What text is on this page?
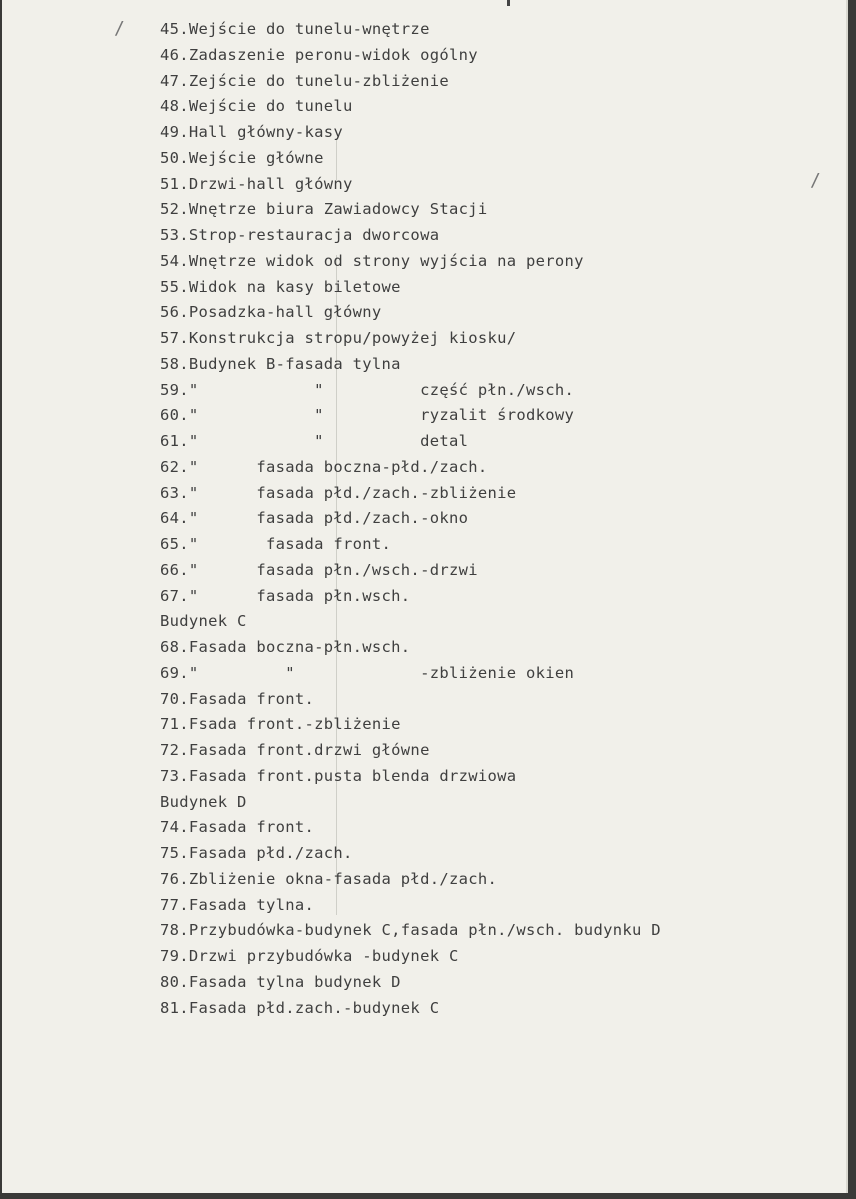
/
/
45.Wejście do tunelu-wnętrze
46.Zadaszenie peronu-widok ogólny
47.Zejście do tunelu-zbliżenie
48.Wejście do tunelu
49.Hall główny-kasy
50.Wejście główne
51.Drzwi-hall główny
52.Wnętrze biura Zawiadowcy Stacji
53.Strop-restauracja dworcowa
54.Wnętrze widok od strony wyjścia na perony
55.Widok na kasy biletowe
56.Posadzka-hall główny
57.Konstrukcja stropu/powyżej kiosku/
58.Budynek B-fasada tylna
59."            "          część płn./wsch.
60."            "          ryzalit środkowy
61."            "          detal
62."      fasada boczna-płd./zach.
63."      fasada płd./zach.-zbliżenie
64."      fasada płd./zach.-okno
65."       fasada front.
66."      fasada płn./wsch.-drzwi
67."      fasada płn.wsch.
Budynek C
68.Fasada boczna-płn.wsch.
69."         "             -zbliżenie okien
70.Fasada front.
71.Fsada front.-zbliżenie
72.Fasada front.drzwi główne
73.Fasada front.pusta blenda drzwiowa
Budynek D
74.Fasada front.
75.Fasada płd./zach.
76.Zbliżenie okna-fasada płd./zach.
77.Fasada tylna.
78.Przybudówka-budynek C,fasada płn./wsch. budynku D
79.Drzwi przybudówka -budynek C
80.Fasada tylna budynek D
81.Fasada płd.zach.-budynek C
